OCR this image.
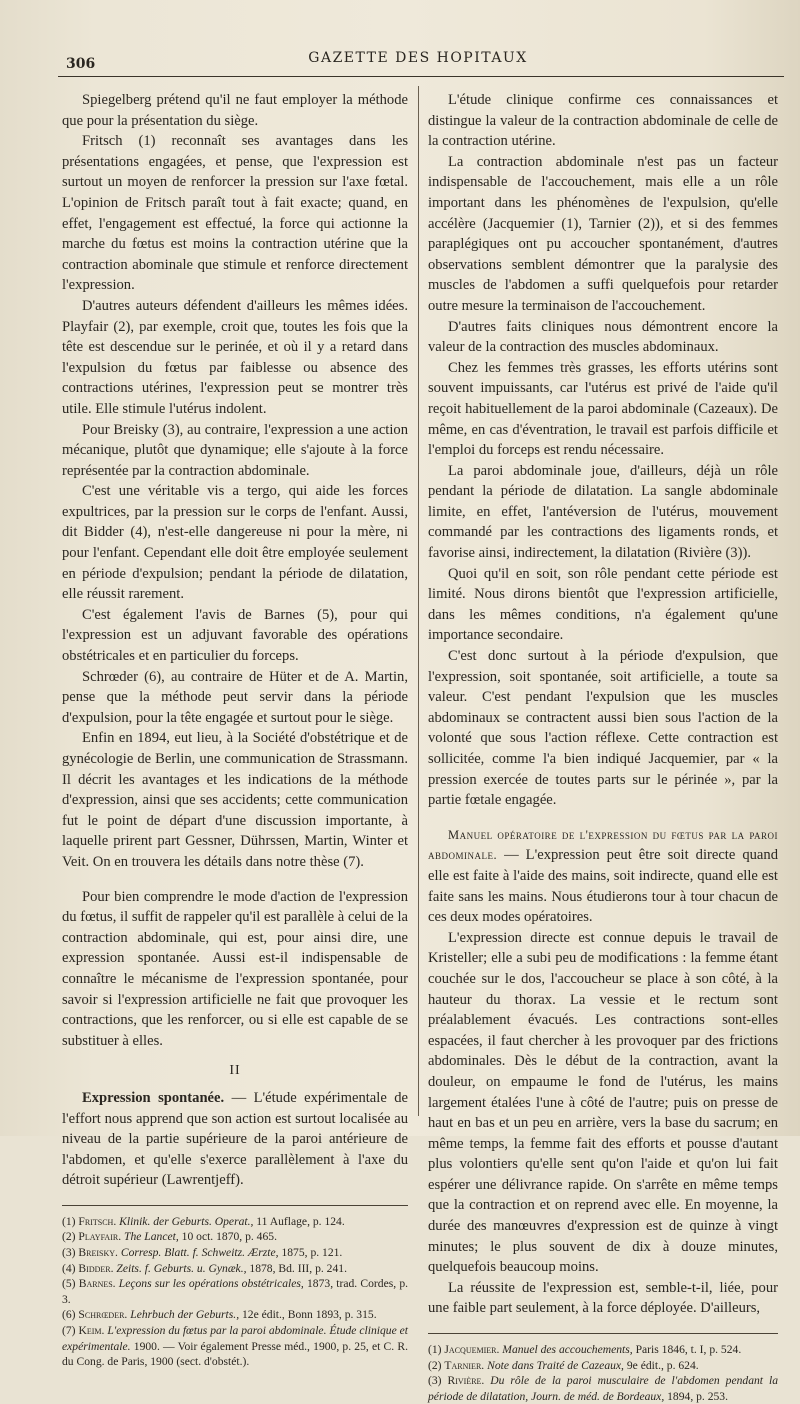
306	GAZETTE DES HOPITAUX

Spiegelberg prétend qu'il ne faut employer la méthode que pour la présentation du siège.

Fritsch (1) reconnaît ses avantages dans les présentations engagées, et pense, que l'expression est surtout un moyen de renforcer la pression sur l'axe fœtal. L'opinion de Fritsch paraît tout à fait exacte; quand, en effet, l'engagement est effectué, la force qui actionne la marche du fœtus est moins la contraction utérine que la contraction abominale que stimule et renforce directement l'expression.

D'autres auteurs défendent d'ailleurs les mêmes idées. Playfair (2), par exemple, croit que, toutes les fois que la tête est descendue sur le perinée, et où il y a retard dans l'expulsion du fœtus par faiblesse ou absence des contractions utérines, l'expression peut se montrer très utile. Elle stimule l'utérus indolent.

Pour Breisky (3), au contraire, l'expression a une action mécanique, plutôt que dynamique; elle s'ajoute à la force représentée par la contraction abdominale.

C'est une véritable vis a tergo, qui aide les forces expultrices, par la pression sur le corps de l'enfant. Aussi, dit Bidder (4), n'est-elle dangereuse ni pour la mère, ni pour l'enfant. Cependant elle doit être employée seulement en période d'expulsion; pendant la période de dilatation, elle réussit rarement.

C'est également l'avis de Barnes (5), pour qui l'expression est un adjuvant favorable des opérations obstétricales et en particulier du forceps.

Schrœder (6), au contraire de Hüter et de A. Martin, pense que la méthode peut servir dans la période d'expulsion, pour la tête engagée et surtout pour le siège.

Enfin en 1894, eut lieu, à la Société d'obstétrique et de gynécologie de Berlin, une communication de Strassmann. Il décrit les avantages et les indications de la méthode d'expression, ainsi que ses accidents; cette communication fut le point de départ d'une discussion importante, à laquelle prirent part Gessner, Dührssen, Martin, Winter et Veit. On en trouvera les détails dans notre thèse (7).

Pour bien comprendre le mode d'action de l'expression du fœtus, il suffit de rappeler qu'il est parallèle à celui de la contraction abdominale, qui est, pour ainsi dire, une expression spontanée. Aussi est-il indispensable de connaître le mécanisme de l'expression spontanée, pour savoir si l'expression artificielle ne fait que provoquer les contractions, que les renforcer, ou si elle est capable de se substituer à elles.

II

Expression spontanée. — L'étude expérimentale de l'effort nous apprend que son action est surtout localisée au niveau de la partie supérieure de la paroi antérieure de l'abdomen, et qu'elle s'exerce parallèlement à l'axe du détroit supérieur (Lawrentjeff).

(1) Fritsch. Klinik. der Geburts. Operat., 11 Auflage, p. 124.
(2) Playfair. The Lancet, 10 oct. 1870, p. 465.
(3) Breisky. Corresp. Blatt. f. Schweitz. Ærzte, 1875, p. 121.
(4) Bidder. Zeits. f. Geburts. u. Gynæk., 1878, Bd. III, p. 241.
(5) Barnes. Leçons sur les opérations obstétricales, 1873, trad. Cordes, p. 3.
(6) Schrœder. Lehrbuch der Geburts., 12e édit., Bonn 1893, p. 315.
(7) Keim. L'expression du fœtus par la paroi abdominale. Étude clinique et expérimentale. 1900. — Voir également Presse méd., 1900, p. 25, et C. R. du Cong. de Paris, 1900 (sect. d'obstét.).

L'étude clinique confirme ces connaissances et distingue la valeur de la contraction abdominale de celle de la contraction utérine.

La contraction abdominale n'est pas un facteur indispensable de l'accouchement, mais elle a un rôle important dans les phénomènes de l'expulsion, qu'elle accélère (Jacquemier (1), Tarnier (2)), et si des femmes paraplégiques ont pu accoucher spontanément, d'autres observations semblent démontrer que la paralysie des muscles de l'abdomen a suffi quelquefois pour retarder outre mesure la terminaison de l'accouchement.

D'autres faits cliniques nous démontrent encore la valeur de la contraction des muscles abdominaux.

Chez les femmes très grasses, les efforts utérins sont souvent impuissants, car l'utérus est privé de l'aide qu'il reçoit habituellement de la paroi abdominale (Cazeaux). De même, en cas d'éventration, le travail est parfois difficile et l'emploi du forceps est rendu nécessaire.

La paroi abdominale joue, d'ailleurs, déjà un rôle pendant la période de dilatation. La sangle abdominale limite, en effet, l'antéversion de l'utérus, mouvement commandé par les contractions des ligaments ronds, et favorise ainsi, indirectement, la dilatation (Rivière (3)).

Quoi qu'il en soit, son rôle pendant cette période est limité. Nous dirons bientôt que l'expression artificielle, dans les mêmes conditions, n'a également qu'une importance secondaire.

C'est donc surtout à la période d'expulsion, que l'expression, soit spontanée, soit artificielle, a toute sa valeur. C'est pendant l'expulsion que les muscles abdominaux se contractent aussi bien sous l'action de la volonté que sous l'action réflexe. Cette contraction est sollicitée, comme l'a bien indiqué Jacquemier, par « la pression exercée de toutes parts sur le périnée », par la partie fœtale engagée.

Manuel opératoire de l'expression du fœtus par la paroi abdominale. — L'expression peut être soit directe quand elle est faite à l'aide des mains, soit indirecte, quand elle est faite sans les mains. Nous étudierons tour à tour chacun de ces deux modes opératoires.

L'expression directe est connue depuis le travail de Kristeller; elle a subi peu de modifications : la femme étant couchée sur le dos, l'accoucheur se place à son côté, à la hauteur du thorax. La vessie et le rectum sont préalablement évacués. Les contractions sont-elles espacées, il faut chercher à les provoquer par des frictions abdominales. Dès le début de la contraction, avant la douleur, on empaume le fond de l'utérus, les mains largement étalées l'une à côté de l'autre; puis on presse de haut en bas et un peu en arrière, vers la base du sacrum; en même temps, la femme fait des efforts et pousse d'autant plus volontiers qu'elle sent qu'on l'aide et qu'on lui fait espérer une délivrance rapide. On s'arrête en même temps que la contraction et on reprend avec elle. En moyenne, la durée des manœuvres d'expression est de quinze à vingt minutes; le plus souvent de dix à douze minutes, quelquefois beaucoup moins.

La réussite de l'expression est, semble-t-il, liée, pour une faible part seulement, à la force déployée. D'ailleurs,

(1) Jacquemier. Manuel des accouchements, Paris 1846, t. I, p. 524.
(2) Tarnier. Note dans Traité de Cazeaux, 9e édit., p. 624.
(3) Rivière. Du rôle de la paroi musculaire de l'abdomen pendant la période de dilatation, Journ. de méd. de Bordeaux, 1894, p. 253.
